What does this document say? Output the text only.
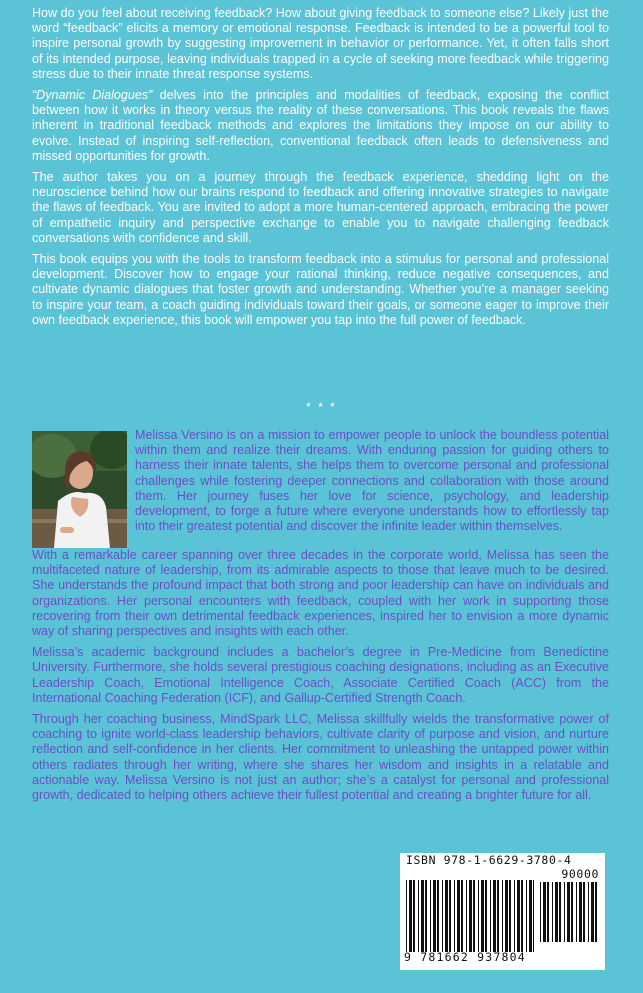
How do you feel about receiving feedback? How about giving feedback to someone else? Likely just the word “feedback” elicits a memory or emotional response. Feedback is intended to be a powerful tool to inspire personal growth by suggesting improvement in behavior or performance. Yet, it often falls short of its intended purpose, leaving individuals trapped in a cycle of seeking more feedback while triggering stress due to their innate threat response systems.

“Dynamic Dialogues” delves into the principles and modalities of feedback, exposing the conflict between how it works in theory versus the reality of these conversations. This book reveals the flaws inherent in traditional feedback methods and explores the limitations they impose on our ability to evolve. Instead of inspiring self-reflection, conventional feedback often leads to defensiveness and missed opportunities for growth.

The author takes you on a journey through the feedback experience, shedding light on the neuroscience behind how our brains respond to feedback and offering innovative strategies to navigate the flaws of feedback. You are invited to adopt a more human-centered approach, embracing the power of empathetic inquiry and perspective exchange to enable you to navigate challenging feedback conversations with confidence and skill.

This book equips you with the tools to transform feedback into a stimulus for personal and professional development. Discover how to engage your rational thinking, reduce negative consequences, and cultivate dynamic dialogues that foster growth and understanding. Whether you’re a manager seeking to inspire your team, a coach guiding individuals toward their goals, or someone eager to improve their own feedback experience, this book will empower you tap into the full power of feedback.

* * *

Melissa Versino is on a mission to empower people to unlock the boundless potential within them and realize their dreams. With enduring passion for guiding others to harness their innate talents, she helps them to overcome personal and professional challenges while fostering deeper connections and collaboration with those around them. Her journey fuses her love for science, psychology, and leadership development, to forge a future where everyone understands how to effortlessly tap into their greatest potential and discover the infinite leader within themselves.

With a remarkable career spanning over three decades in the corporate world, Melissa has seen the multifaceted nature of leadership, from its admirable aspects to those that leave much to be desired. She understands the profound impact that both strong and poor leadership can have on individuals and organizations. Her personal encounters with feedback, coupled with her work in supporting those recovering from their own detrimental feedback experiences, inspired her to envision a more dynamic way of sharing perspectives and insights with each other.

Melissa’s academic background includes a bachelor’s degree in Pre-Medicine from Benedictine University. Furthermore, she holds several prestigious coaching designations, including as an Executive Leadership Coach, Emotional Intelligence Coach, Associate Certified Coach (ACC) from the International Coaching Federation (ICF), and Gallup-Certified Strength Coach.

Through her coaching business, MindSpark LLC, Melissa skillfully wields the transformative power of coaching to ignite world-class leadership behaviors, cultivate clarity of purpose and vision, and nurture reflection and self-confidence in her clients. Her commitment to unleashing the untapped power within others radiates through her writing, where she shares her wisdom and insights in a relatable and actionable way. Melissa Versino is not just an author; she’s a catalyst for personal and professional growth, dedicated to helping others achieve their fullest potential and creating a brighter future for all.

ISBN 978-1-6629-3780-4
90000
9 781662 937804
